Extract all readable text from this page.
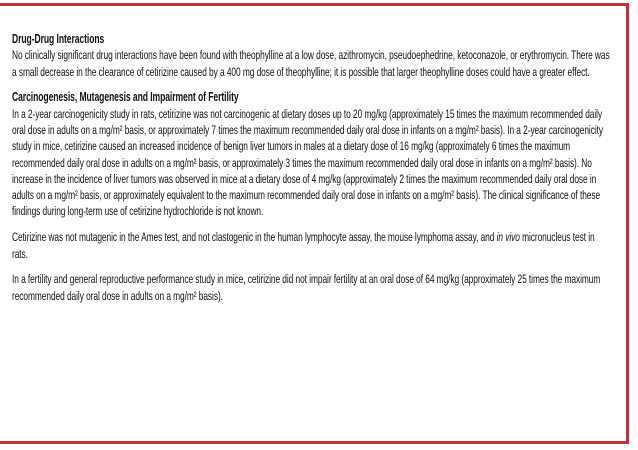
Drug-Drug Interactions

No clinically significant drug interactions have been found with theophylline at a low dose, azithromycin, pseudoephedrine, ketoconazole, or erythromycin. There was a small decrease in the clearance of cetirizine caused by a 400 mg dose of theophylline; it is possible that larger theophylline doses could have a greater effect.

Carcinogenesis, Mutagenesis and Impairment of Fertility

In a 2-year carcinogenicity study in rats, cetirizine was not carcinogenic at dietary doses up to 20 mg/kg (approximately 15 times the maximum recommended daily oral dose in adults on a mg/m² basis, or approximately 7 times the maximum recommended daily oral dose in infants on a mg/m² basis). In a 2-year carcinogenicity study in mice, cetirizine caused an increased incidence of benign liver tumors in males at a dietary dose of 16 mg/kg (approximately 6 times the maximum recommended daily oral dose in adults on a mg/m² basis, or approximately 3 times the maximum recommended daily oral dose in infants on a mg/m² basis). No increase in the incidence of liver tumors was observed in mice at a dietary dose of 4 mg/kg (approximately 2 times the maximum recommended daily oral dose in adults on a mg/m² basis, or approximately equivalent to the maximum recommended daily oral dose in infants on a mg/m² basis). The clinical significance of these findings during long-term use of cetirizine hydrochloride is not known.

Cetirizine was not mutagenic in the Ames test, and not clastogenic in the human lymphocyte assay, the mouse lymphoma assay, and in vivo micronucleus test in rats.

In a fertility and general reproductive performance study in mice, cetirizine did not impair fertility at an oral dose of 64 mg/kg (approximately 25 times the maximum recommended daily oral dose in adults on a mg/m² basis).
